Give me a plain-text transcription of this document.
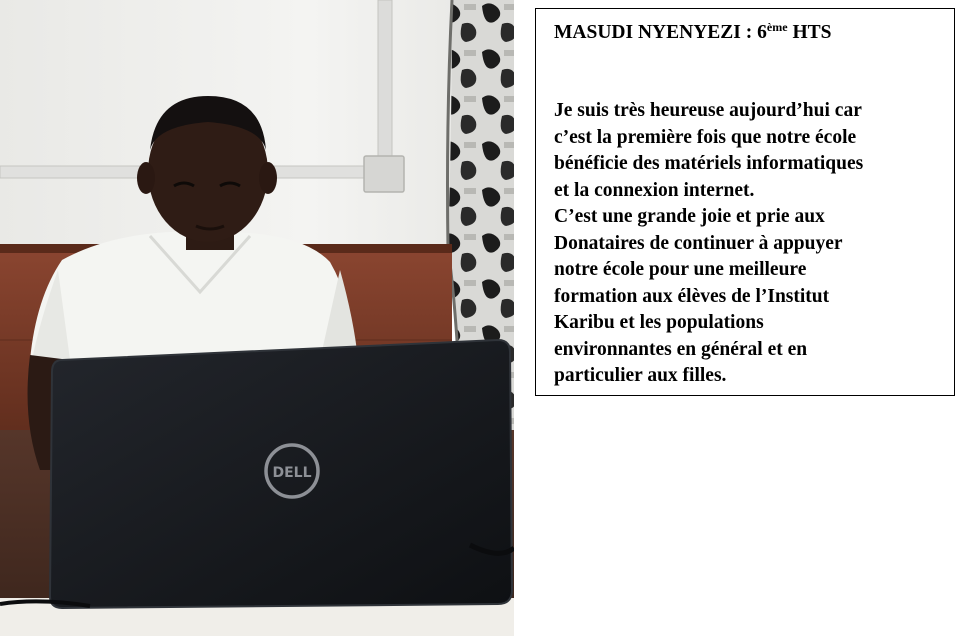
DELL

MASUDI NYENYEZI : 6ème HTS

Je suis très heureuse aujourd’hui car
c’est la première fois que notre école
bénéficie des matériels informatiques
et la connexion internet.
C’est une grande joie et prie aux
Donataires de continuer à appuyer
notre école pour une meilleure
formation aux élèves de l’Institut
Karibu et les populations
environnantes en général et en
particulier aux filles.
